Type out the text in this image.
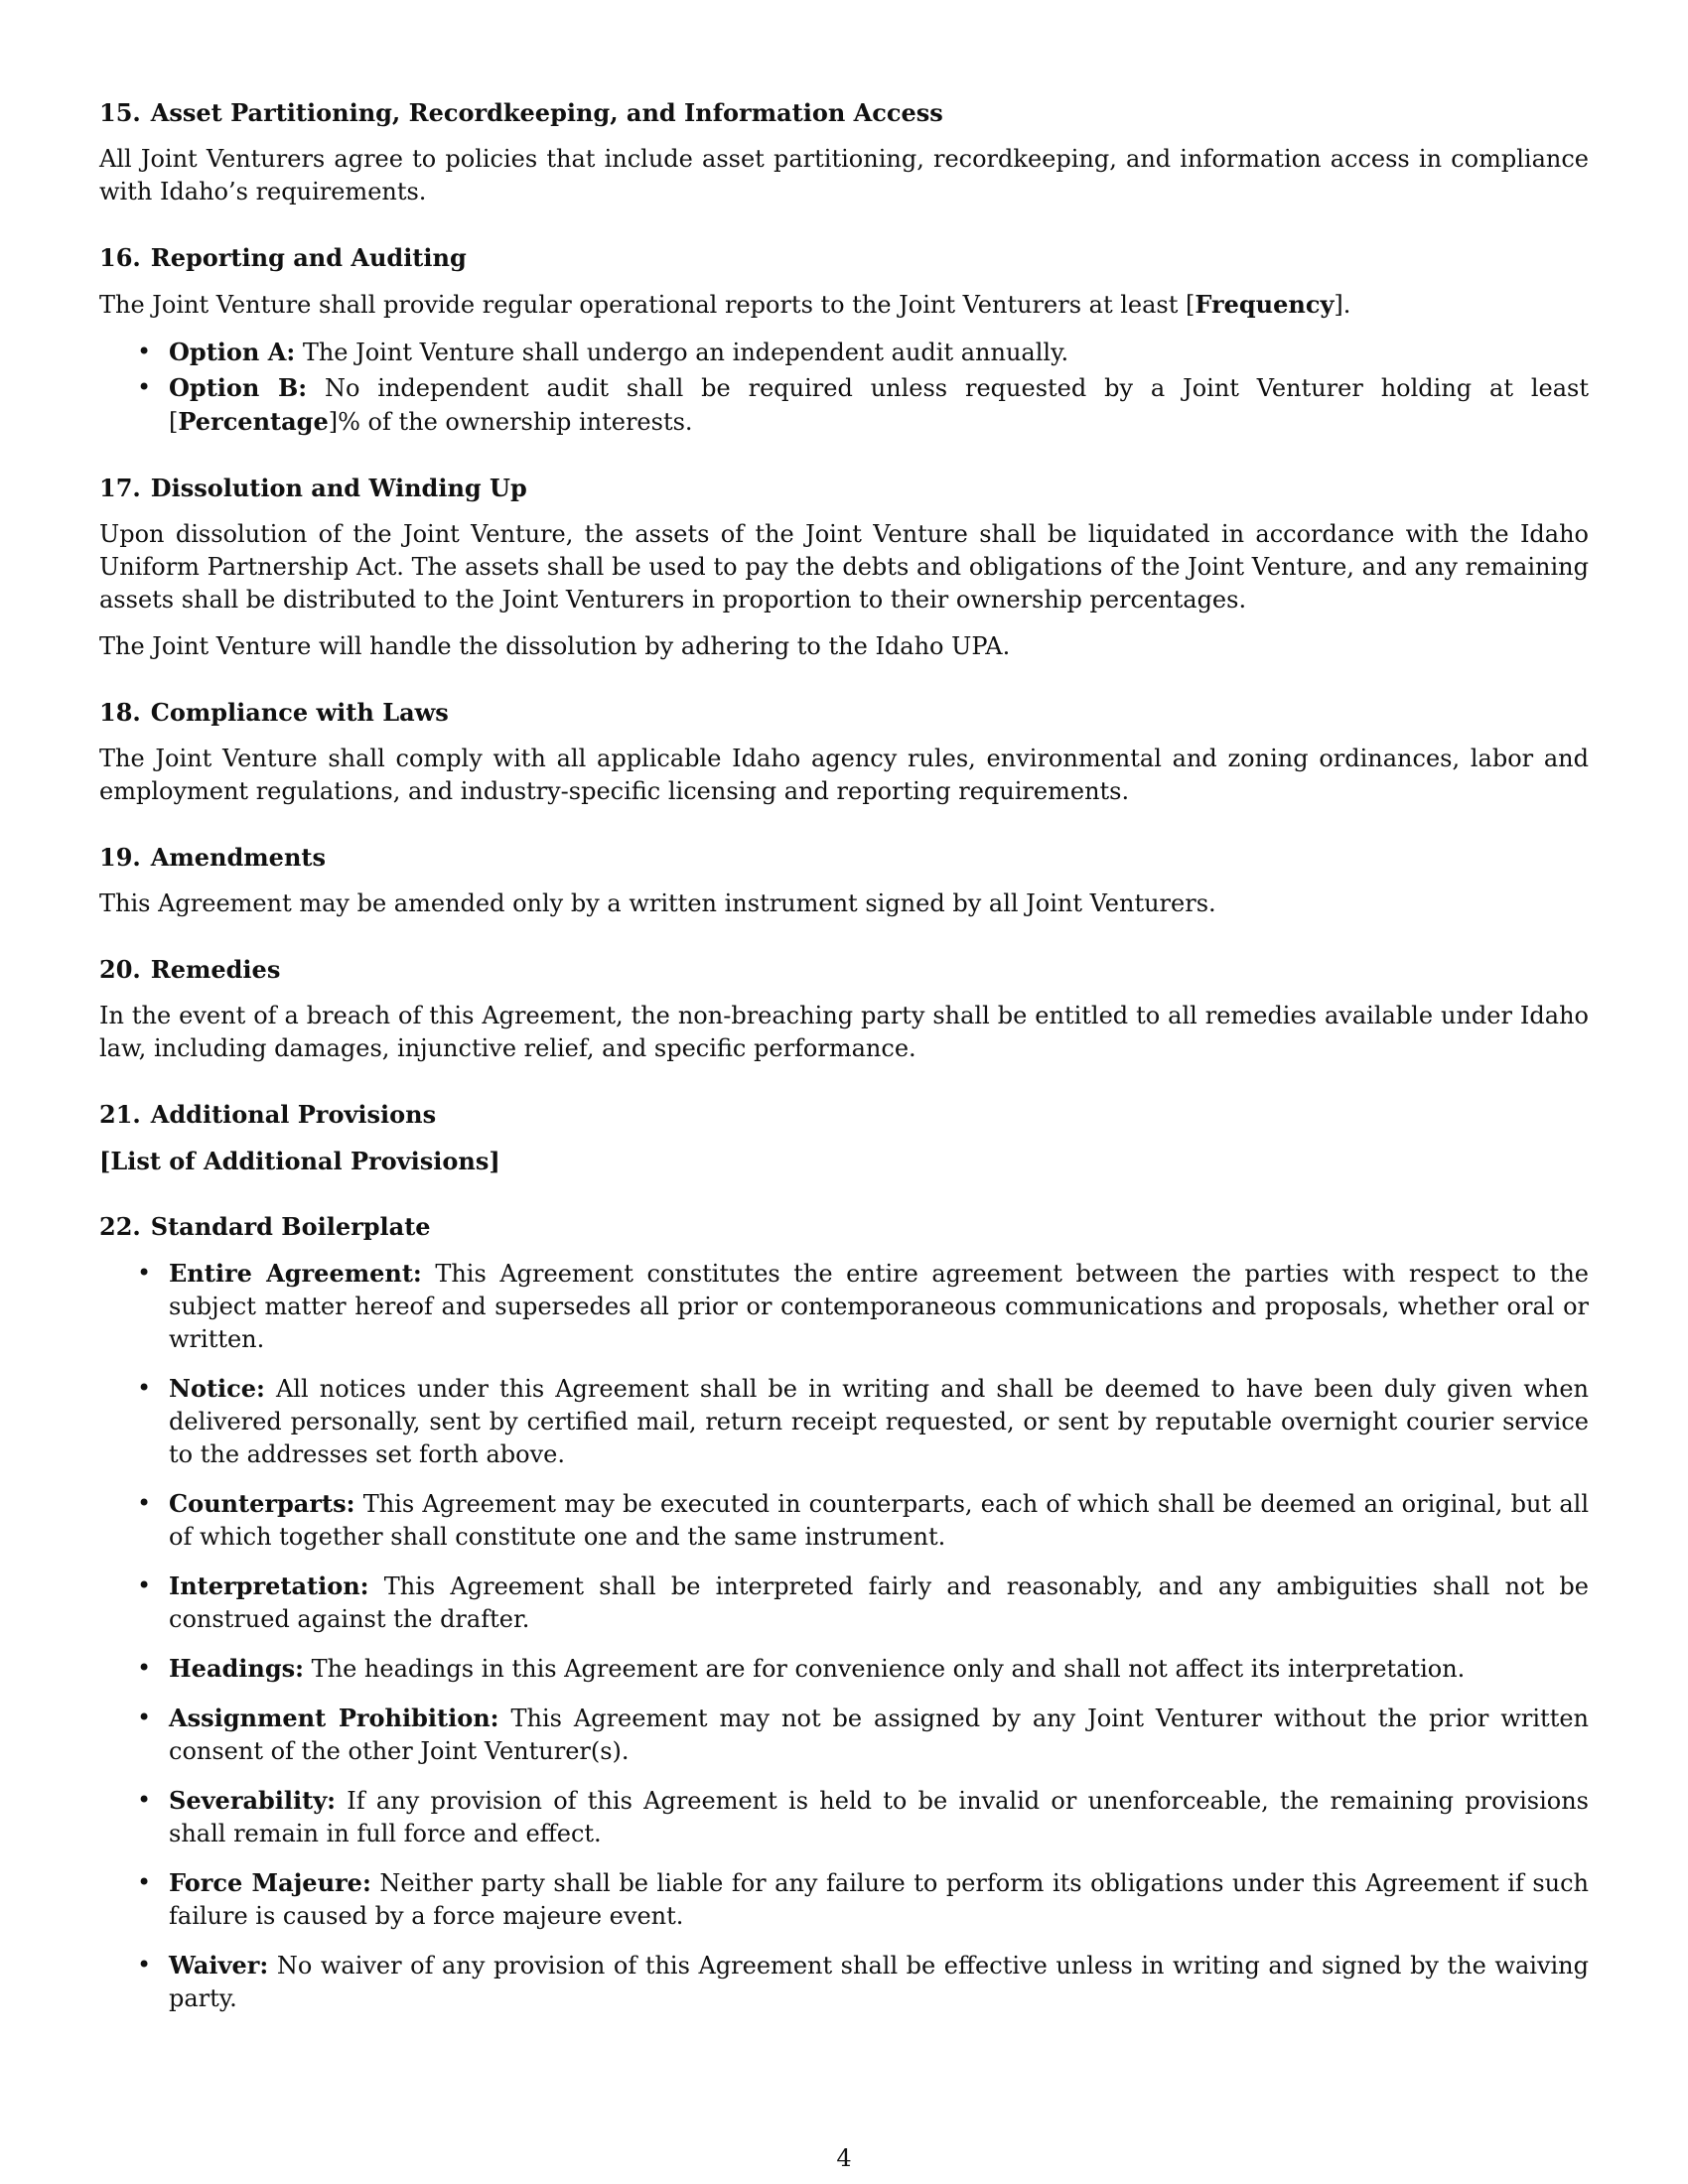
15. Asset Partitioning, Recordkeeping, and Information Access

All Joint Venturers agree to policies that include asset partitioning, recordkeeping, and information access in compliance with Idaho’s requirements.

16. Reporting and Auditing

The Joint Venture shall provide regular operational reports to the Joint Venturers at least [Frequency].

• Option A: The Joint Venture shall undergo an independent audit annually.
• Option B: No independent audit shall be required unless requested by a Joint Venturer holding at least [Percentage]% of the ownership interests.
17. Dissolution and Winding Up

Upon dissolution of the Joint Venture, the assets of the Joint Venture shall be liquidated in accordance with the Idaho Uniform Partnership Act. The assets shall be used to pay the debts and obligations of the Joint Venture, and any remaining assets shall be distributed to the Joint Venturers in proportion to their ownership percentages.

The Joint Venture will handle the dissolution by adhering to the Idaho UPA.

18. Compliance with Laws

The Joint Venture shall comply with all applicable Idaho agency rules, environmental and zoning ordinances, labor and employment regulations, and industry-specific licensing and reporting requirements.

19. Amendments

This Agreement may be amended only by a written instrument signed by all Joint Venturers.

20. Remedies

In the event of a breach of this Agreement, the non-breaching party shall be entitled to all remedies available under Idaho law, including damages, injunctive relief, and specific performance.

21. Additional Provisions

[List of Additional Provisions]

22. Standard Boilerplate
• Entire Agreement: This Agreement constitutes the entire agreement between the parties with respect to the subject matter hereof and supersedes all prior or contemporaneous communications and proposals, whether oral or written.
• Notice: All notices under this Agreement shall be in writing and shall be deemed to have been duly given when delivered personally, sent by certified mail, return receipt requested, or sent by reputable overnight courier service to the addresses set forth above.
• Counterparts: This Agreement may be executed in counterparts, each of which shall be deemed an original, but all of which together shall constitute one and the same instrument.
• Interpretation: This Agreement shall be interpreted fairly and reasonably, and any ambiguities shall not be construed against the drafter.
• Headings: The headings in this Agreement are for convenience only and shall not affect its interpretation.
• Assignment Prohibition: This Agreement may not be assigned by any Joint Venturer without the prior written consent of the other Joint Venturer(s).
• Severability: If any provision of this Agreement is held to be invalid or unenforceable, the remaining provisions shall remain in full force and effect.
• Force Majeure: Neither party shall be liable for any failure to perform its obligations under this Agreement if such failure is caused by a force majeure event.
• Waiver: No waiver of any provision of this Agreement shall be effective unless in writing and signed by the waiving party.
4
